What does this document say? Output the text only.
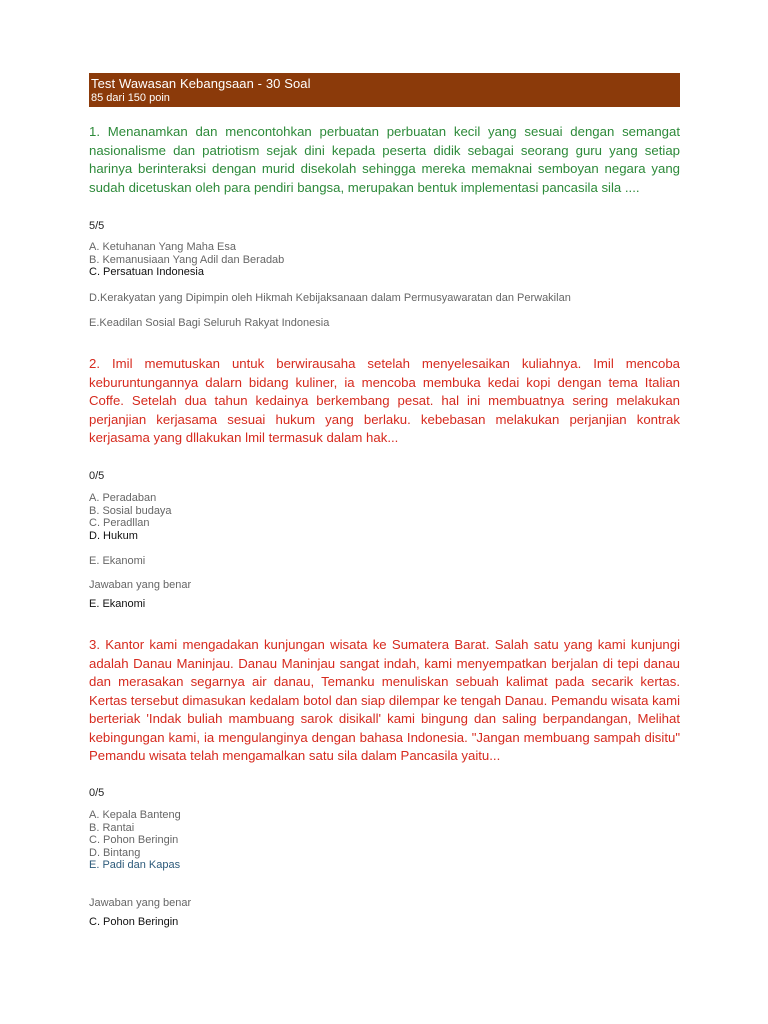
Test Wawasan Kebangsaan - 30 Soal
85 dari 150 poin

1. Menanamkan dan mencontohkan perbuatan perbuatan kecil yang sesuai dengan semangat nasionalisme dan patriotism sejak dini kepada peserta didik sebagai seorang guru yang setiap harinya berinteraksi dengan murid disekolah sehingga mereka memaknai semboyan negara yang sudah dicetuskan oleh para pendiri bangsa, merupakan bentuk implementasi pancasila sila ....

5/5
A. Ketuhanan Yang Maha Esa
B. Kemanusiaan Yang Adil dan Beradab
C. Persatuan Indonesia
D.Kerakyatan yang Dipimpin oleh Hikmah Kebijaksanaan dalam Permusyawaratan dan Perwakilan
E.Keadilan Sosial Bagi Seluruh Rakyat Indonesia

2. Imil memutuskan untuk berwirausaha setelah menyelesaikan kuliahnya. Imil mencoba keburuntungannya dalarn bidang kuliner, ia mencoba membuka kedai kopi dengan tema Italian Coffe. Setelah dua tahun kedainya berkembang pesat. hal ini membuatnya sering melakukan perjanjian kerjasama sesuai hukum yang berlaku. kebebasan melakukan perjanjian kontrak kerjasama yang dllakukan lmil termasuk dalam hak...

0/5
A. Peradaban
B. Sosial budaya
C. Peradllan
D. Hukum
E. Ekanomi
Jawaban yang benar
E. Ekanomi

3. Kantor kami mengadakan kunjungan wisata ke Sumatera Barat. Salah satu yang kami kunjungi adalah Danau Maninjau. Danau Maninjau sangat indah, kami menyempatkan berjalan di tepi danau dan merasakan segarnya air danau, Temanku menuliskan sebuah kalimat pada secarik kertas. Kertas tersebut dimasukan kedalam botol dan siap dilempar ke tengah Danau. Pemandu wisata kami berteriak 'Indak buliah mambuang sarok disikall' kami bingung dan saling berpandangan, Melihat kebingungan kami, ia mengulanginya dengan bahasa Indonesia. "Jangan membuang sampah disitu" Pemandu wisata telah mengamalkan satu sila dalam Pancasila yaitu...

0/5
A. Kepala Banteng
B. Rantai
C. Pohon Beringin
D. Bintang
E. Padi dan Kapas
Jawaban yang benar
C. Pohon Beringin
